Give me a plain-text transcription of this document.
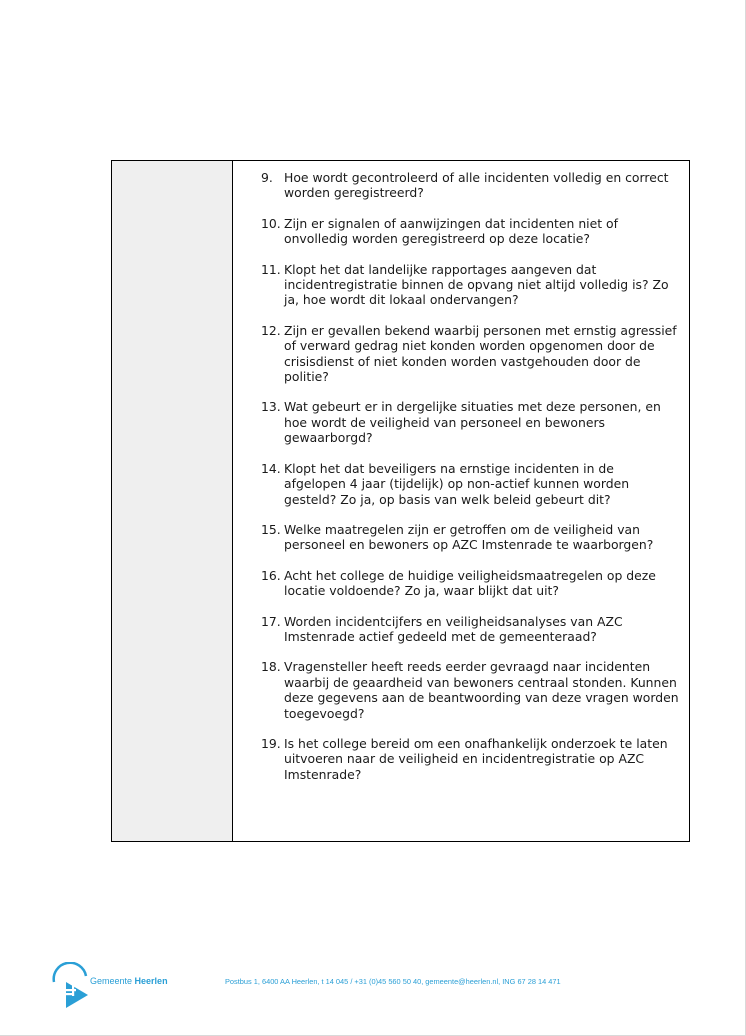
9. Hoe wordt gecontroleerd of alle incidenten volledig en correct worden geregistreerd?
10. Zijn er signalen of aanwijzingen dat incidenten niet of onvolledig worden geregistreerd op deze locatie?
11. Klopt het dat landelijke rapportages aangeven dat incidentregistratie binnen de opvang niet altijd volledig is? Zo ja, hoe wordt dit lokaal ondervangen?
12. Zijn er gevallen bekend waarbij personen met ernstig agressief of verward gedrag niet konden worden opgenomen door de crisisdienst of niet konden worden vastgehouden door de politie?
13. Wat gebeurt er in dergelijke situaties met deze personen, en hoe wordt de veiligheid van personeel en bewoners gewaarborgd?
14. Klopt het dat beveiligers na ernstige incidenten in de afgelopen 4 jaar (tijdelijk) op non-actief kunnen worden gesteld? Zo ja, op basis van welk beleid gebeurt dit?
15. Welke maatregelen zijn er getroffen om de veiligheid van personeel en bewoners op AZC Imstenrade te waarborgen?
16. Acht het college de huidige veiligheidsmaatregelen op deze locatie voldoende? Zo ja, waar blijkt dat uit?
17. Worden incidentcijfers en veiligheidsanalyses van AZC Imstenrade actief gedeeld met de gemeenteraad?
18. Vragensteller heeft reeds eerder gevraagd naar incidenten waarbij de geaardheid van bewoners centraal stonden. Kunnen deze gegevens aan de beantwoording van deze vragen worden toegevoegd?
19. Is het college bereid om een onafhankelijk onderzoek te laten uitvoeren naar de veiligheid en incidentregistratie op AZC Imstenrade?
Gemeente Heerlen	Postbus 1, 6400 AA Heerlen, t 14 045 / +31 (0)45 560 50 40, gemeente@heerlen.nl, ING 67 28 14 471
